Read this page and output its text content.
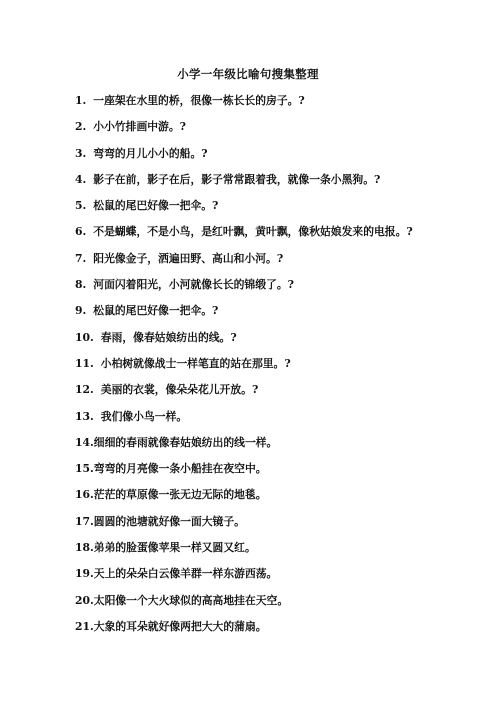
小学一年级比喻句搜集整理
1. 一座架在水里的桥，很像一栋长长的房子。?
2. 小小竹排画中游。?
3. 弯弯的月儿小小的船。?
4. 影子在前，影子在后，影子常常跟着我，就像一条小黑狗。?
5. 松鼠的尾巴好像一把伞。?
6. 不是蝴蝶，不是小鸟，是红叶飘，黄叶飘，像秋姑娘发来的电报。?
7. 阳光像金子，洒遍田野、高山和小河。?
8. 河面闪着阳光，小河就像长长的锦缎了。?
9. 松鼠的尾巴好像一把伞。?
10. 春雨，像春姑娘纺出的线。?
11. 小柏树就像战士一样笔直的站在那里。?
12. 美丽的衣裳，像朵朵花儿开放。?
13. 我们像小鸟一样。
14.细细的春雨就像春姑娘纺出的线一样。
15.弯弯的月亮像一条小船挂在夜空中。
16.茫茫的草原像一张无边无际的地毯。
17.圆圆的池塘就好像一面大镜子。
18.弟弟的脸蛋像苹果一样又圆又红。
19.天上的朵朵白云像羊群一样东游西荡。
20.太阳像一个大火球似的高高地挂在天空。
21.大象的耳朵就好像两把大大的蒲扇。
